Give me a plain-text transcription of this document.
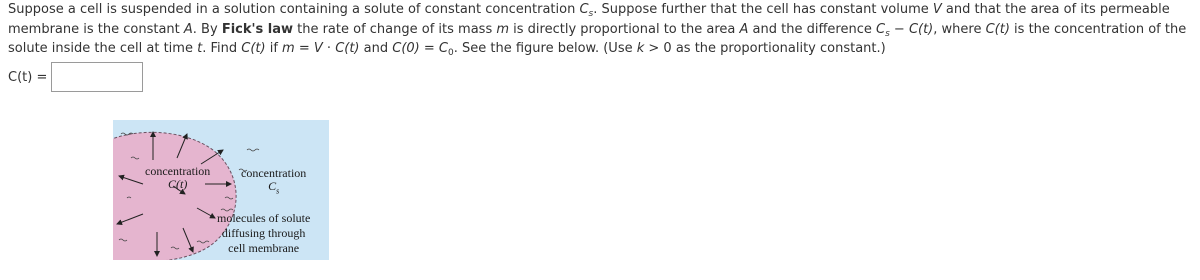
Suppose a cell is suspended in a solution containing a solute of constant concentration $C_s$. Suppose further that the cell has constant volume V and that the area of its permeable membrane is the constant A. By Fick's law the rate of change of its mass m is directly proportional to the area A and the difference $C_s - C(t)$, where C(t) is the concentration of the solute inside the cell at time t. Find C(t) if m = V · C(t) and $C(0) = C_0$. See the figure below. (Use k > 0 as the proportionality constant.)

C(t) =
concentration
C(t)
concentration
$C_s$
molecules of solute
diffusing through
cell membrane
